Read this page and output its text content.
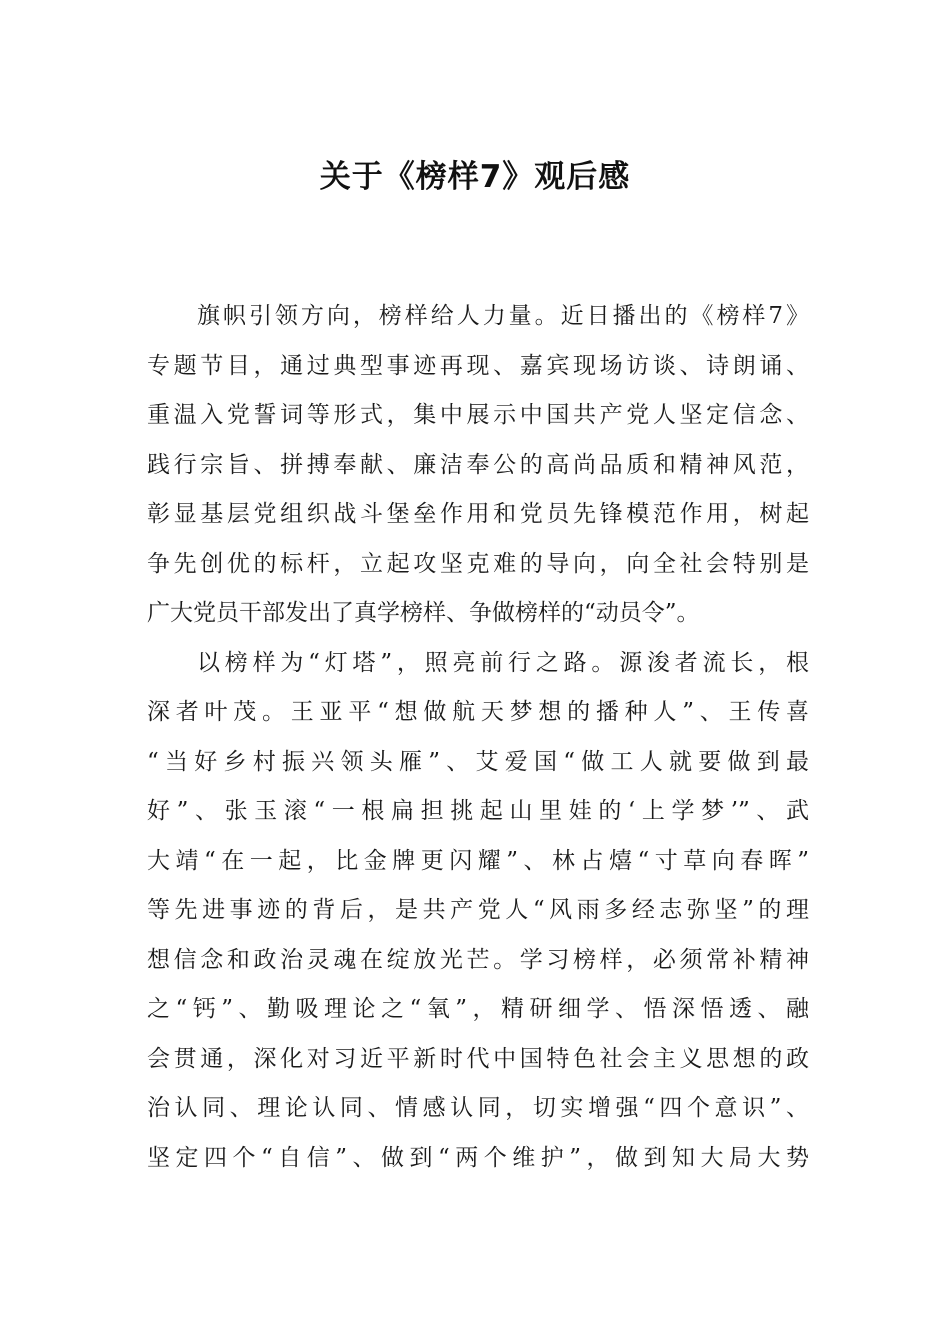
关于《榜样7》观后感
旗帜引领方向，榜样给人力量。近日播出的《榜样7》
专题节目，通过典型事迹再现、嘉宾现场访谈、诗朗诵、
重温入党誓词等形式，集中展示中国共产党人坚定信念、
践行宗旨、拼搏奉献、廉洁奉公的高尚品质和精神风范，
彰显基层党组织战斗堡垒作用和党员先锋模范作用，树起
争先创优的标杆，立起攻坚克难的导向，向全社会特别是
广大党员干部发出了真学榜样、争做榜样的“动员令”。
以榜样为“灯塔”，照亮前行之路。源浚者流长，根
深者叶茂。王亚平“想做航天梦想的播种人”、王传喜
“当好乡村振兴领头雁”、艾爱国“做工人就要做到最
好”、张玉滚“一根扁担挑起山里娃的‘上学梦’”、武
大靖“在一起，比金牌更闪耀”、林占熺“寸草向春晖”
等先进事迹的背后，是共产党人“风雨多经志弥坚”的理
想信念和政治灵魂在绽放光芒。学习榜样，必须常补精神
之“钙”、勤吸理论之“氧”，精研细学、悟深悟透、融
会贯通，深化对习近平新时代中国特色社会主义思想的政
治认同、理论认同、情感认同，切实增强“四个意识”、
坚定四个“自信”、做到“两个维护”，做到知大局大势
